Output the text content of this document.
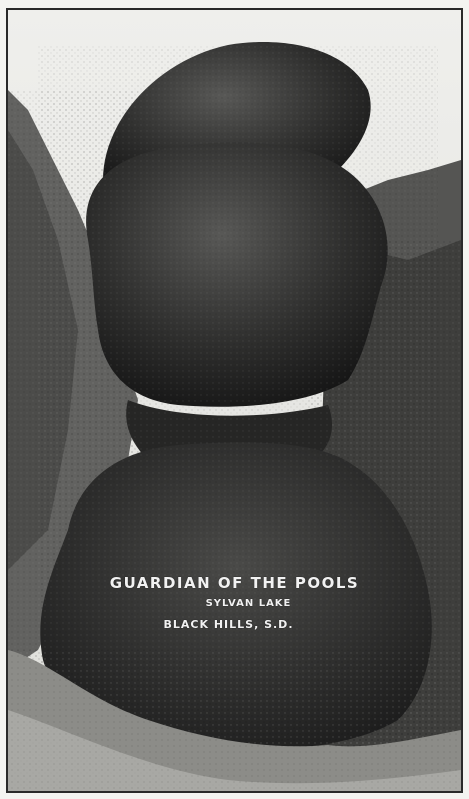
GUARDIAN OF THE POOLS
SYLVAN LAKE
BLACK HILLS, S.D.
